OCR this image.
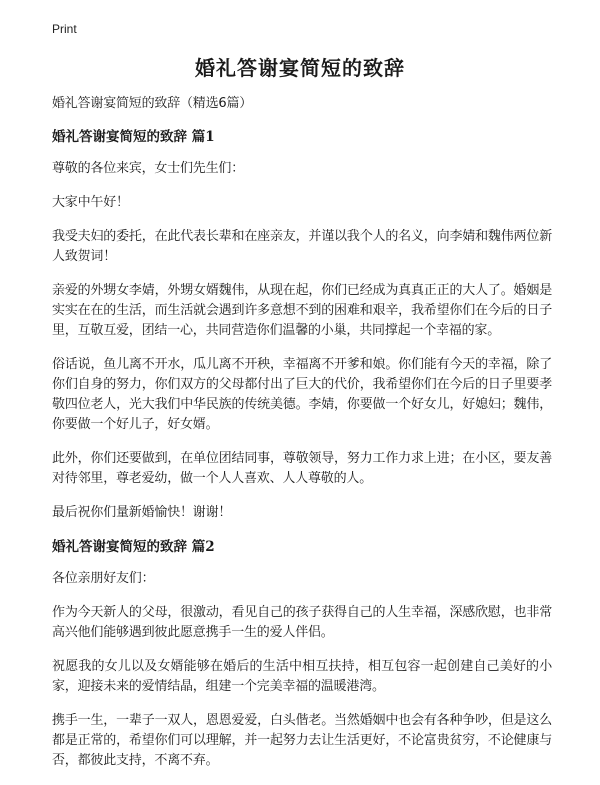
Print
婚礼答谢宴简短的致辞

婚礼答谢宴简短的致辞（精选6篇）

婚礼答谢宴简短的致辞 篇1

尊敬的各位来宾，女士们先生们：

大家中午好！

我受夫妇的委托，在此代表长辈和在座亲友，并谨以我个人的名义，向李婧和魏伟两位新人致贺词！

亲爱的外甥女李婧，外甥女婿魏伟，从现在起，你们已经成为真真正正的大人了。婚姻是实实在在的生活，而生活就会遇到许多意想不到的困难和艰辛，我希望你们在今后的日子里，互敬互爱，团结一心，共同营造你们温馨的小巢，共同撑起一个幸福的家。

俗话说，鱼儿离不开水，瓜儿离不开秧，幸福离不开爹和娘。你们能有今天的幸福，除了你们自身的努力，你们双方的父母都付出了巨大的代价，我希望你们在今后的日子里要孝敬四位老人，光大我们中华民族的传统美德。李婧，你要做一个好女儿，好媳妇；魏伟，你要做一个好儿子，好女婿。

此外，你们还要做到，在单位团结同事，尊敬领导，努力工作力求上进；在小区，要友善对待邻里，尊老爱幼，做一个人人喜欢、人人尊敬的人。

最后祝你们量新婚愉快！谢谢！

婚礼答谢宴简短的致辞 篇2

各位亲朋好友们：

作为今天新人的父母，很激动，看见自己的孩子获得自己的人生幸福，深感欣慰，也非常高兴他们能够遇到彼此愿意携手一生的爱人伴侣。

祝愿我的女儿以及女婿能够在婚后的生活中相互扶持，相互包容一起创建自己美好的小家，迎接未来的爱情结晶，组建一个完美幸福的温暖港湾。

携手一生，一辈子一双人，恩恩爱爱，白头偕老。当然婚姻中也会有各种争吵，但是这么都是正常的，希望你们可以理解，并一起努力去让生活更好，不论富贵贫穷，不论健康与否，都彼此支持，不离不弃。
